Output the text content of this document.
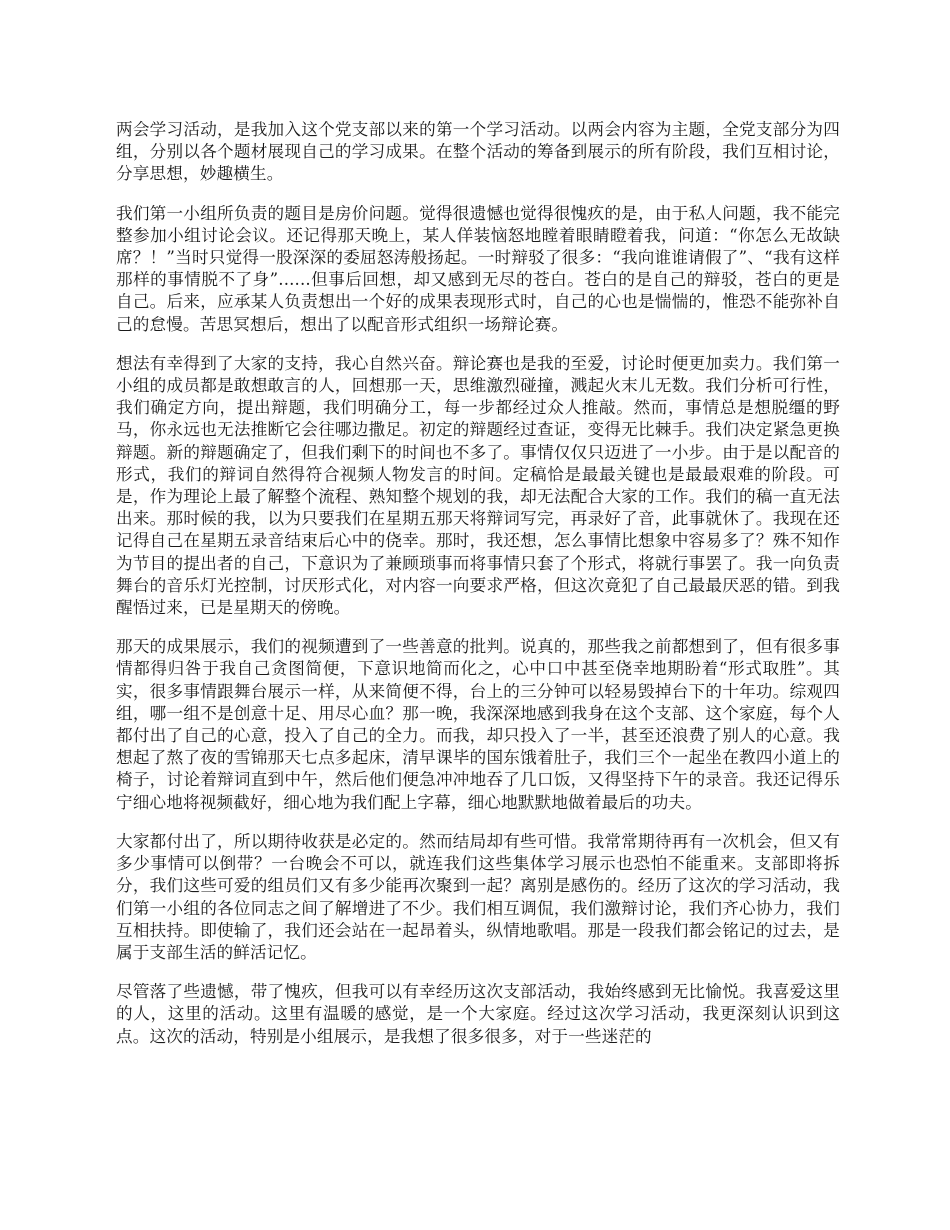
两会学习活动，是我加入这个党支部以来的第一个学习活动。以两会内容为主题，全党支部分为四组，分别以各个题材展现自己的学习成果。在整个活动的筹备到展示的所有阶段，我们互相讨论，分享思想，妙趣横生。

我们第一小组所负责的题目是房价问题。觉得很遗憾也觉得很愧疚的是，由于私人问题，我不能完整参加小组讨论会议。还记得那天晚上，某人佯装恼怒地瞠着眼睛瞪着我，问道：“你怎么无故缺席？！”当时只觉得一股深深的委屈怒涛般扬起。一时辩驳了很多：“我向谁谁请假了”、“我有这样那样的事情脱不了身”......但事后回想，却又感到无尽的苍白。苍白的是自己的辩驳，苍白的更是自己。后来，应承某人负责想出一个好的成果表现形式时，自己的心也是惴惴的，惟恐不能弥补自己的怠慢。苦思冥想后，想出了以配音形式组织一场辩论赛。

想法有幸得到了大家的支持，我心自然兴奋。辩论赛也是我的至爱，讨论时便更加卖力。我们第一小组的成员都是敢想敢言的人，回想那一天，思维激烈碰撞，溅起火末儿无数。我们分析可行性，我们确定方向，提出辩题，我们明确分工，每一步都经过众人推敲。然而，事情总是想脱缰的野马，你永远也无法推断它会往哪边撒足。初定的辩题经过查证，变得无比棘手。我们决定紧急更换辩题。新的辩题确定了，但我们剩下的时间也不多了。事情仅仅只迈进了一小步。由于是以配音的形式，我们的辩词自然得符合视频人物发言的时间。定稿恰是最最关键也是最最艰难的阶段。可是，作为理论上最了解整个流程、熟知整个规划的我，却无法配合大家的工作。我们的稿一直无法出来。那时候的我，以为只要我们在星期五那天将辩词写完，再录好了音，此事就休了。我现在还记得自己在星期五录音结束后心中的侥幸。那时，我还想，怎么事情比想象中容易多了？殊不知作为节目的提出者的自己，下意识为了兼顾琐事而将事情只套了个形式，将就行事罢了。我一向负责舞台的音乐灯光控制，讨厌形式化，对内容一向要求严格，但这次竟犯了自己最最厌恶的错。到我醒悟过来，已是星期天的傍晚。

那天的成果展示，我们的视频遭到了一些善意的批判。说真的，那些我之前都想到了，但有很多事情都得归咎于我自己贪图简便，下意识地简而化之，心中口中甚至侥幸地期盼着“形式取胜”。其实，很多事情跟舞台展示一样，从来简便不得，台上的三分钟可以轻易毁掉台下的十年功。综观四组，哪一组不是创意十足、用尽心血？那一晚，我深深地感到我身在这个支部、这个家庭，每个人都付出了自己的心意，投入了自己的全力。而我，却只投入了一半，甚至还浪费了别人的心意。我想起了熬了夜的雪锦那天七点多起床，清早课毕的国东饿着肚子，我们三个一起坐在教四小道上的椅子，讨论着辩词直到中午，然后他们便急冲冲地吞了几口饭，又得坚持下午的录音。我还记得乐宁细心地将视频截好，细心地为我们配上字幕，细心地默默地做着最后的功夫。

大家都付出了，所以期待收获是必定的。然而结局却有些可惜。我常常期待再有一次机会，但又有多少事情可以倒带？一台晚会不可以，就连我们这些集体学习展示也恐怕不能重来。支部即将拆分，我们这些可爱的组员们又有多少能再次聚到一起？离别是感伤的。经历了这次的学习活动，我们第一小组的各位同志之间了解增进了不少。我们相互调侃，我们激辩讨论，我们齐心协力，我们互相扶持。即使输了，我们还会站在一起昂着头，纵情地歌唱。那是一段我们都会铭记的过去，是属于支部生活的鲜活记忆。

尽管落了些遗憾，带了愧疚，但我可以有幸经历这次支部活动，我始终感到无比愉悦。我喜爱这里的人，这里的活动。这里有温暖的感觉，是一个大家庭。经过这次学习活动，我更深刻认识到这点。这次的活动，特别是小组展示，是我想了很多很多，对于一些迷茫的
